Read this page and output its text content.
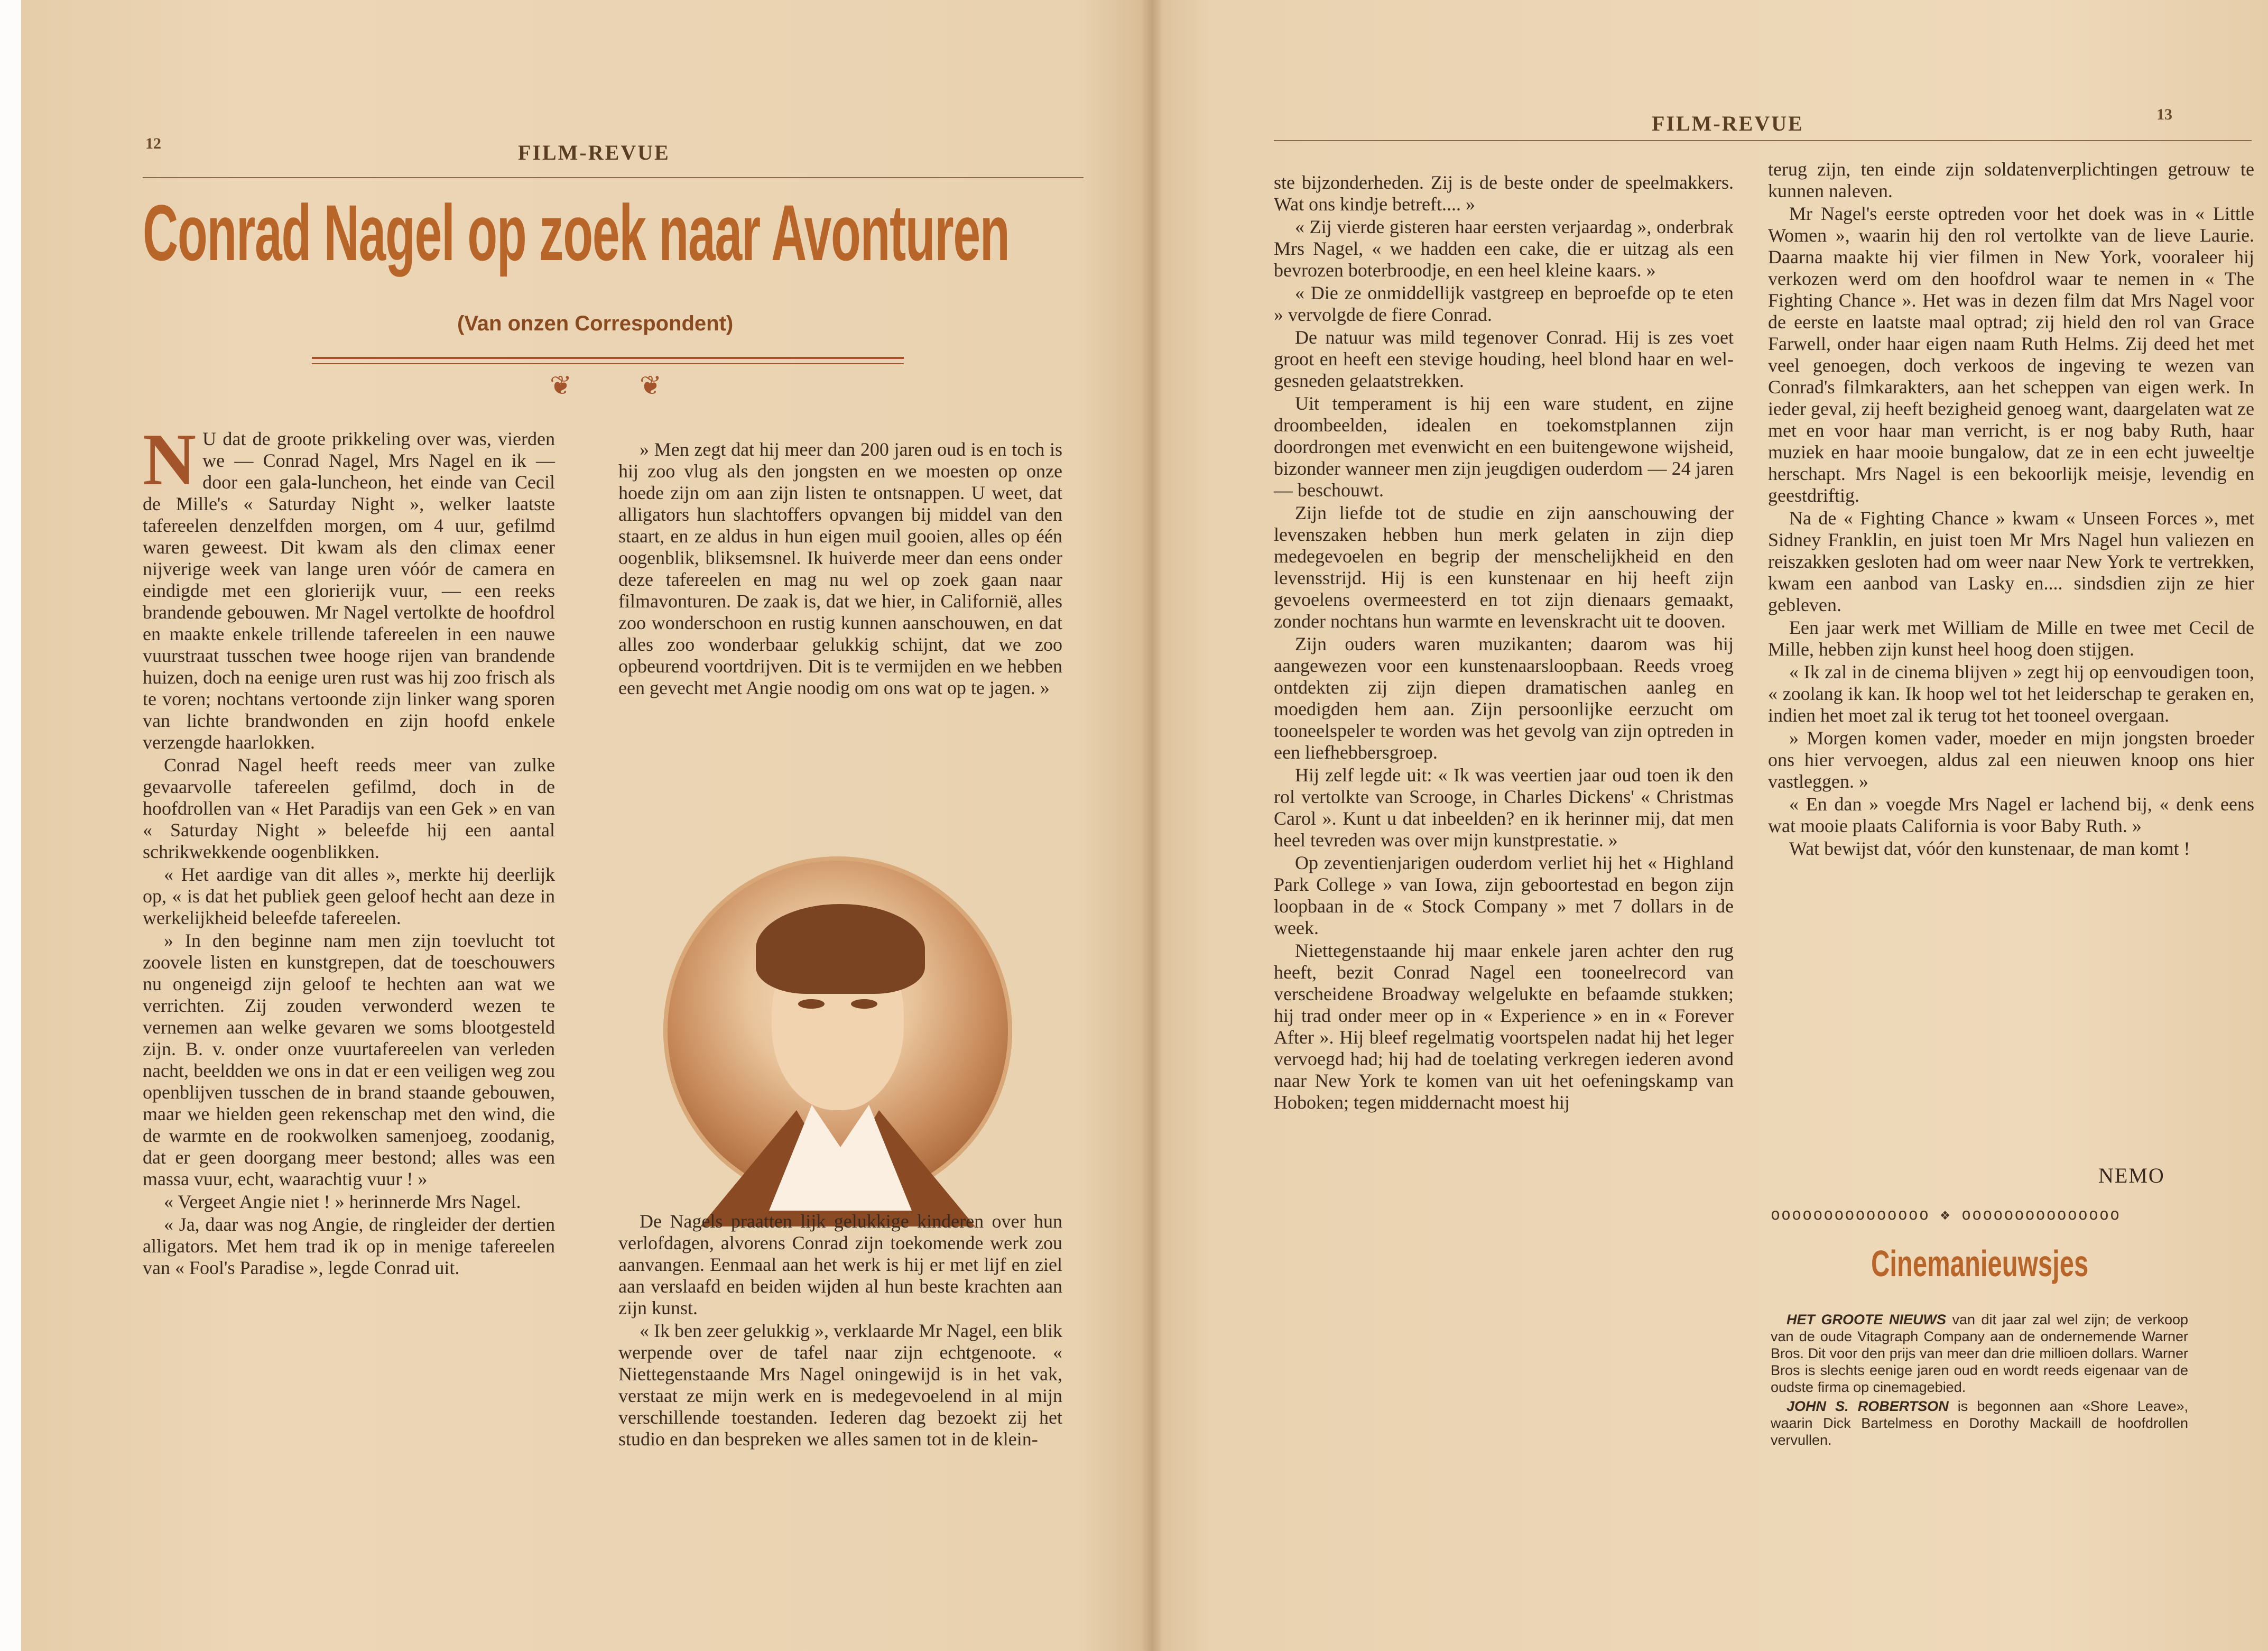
12	FILM-REVUE
Conrad Nagel op zoek naar Avonturen
(Van onzen Correspondent)
❦	❦

N U dat de groote prikkeling over was, vierden we — Conrad Nagel, Mrs Nagel en ik — door een gala-luncheon, het einde van Cecil de Mille's « Saturday Night », welker laatste tafereelen denzelfden morgen, om 4 uur, gefilmd waren geweest. Dit kwam als den climax eener nijverige week van lange uren vóór de camera en eindigde met een glorierijk vuur, — een reeks brandende gebouwen. Mr Nagel vertolkte de hoofdrol en maakte enkele trillende tafereelen in een nauwe vuurstraat tusschen twee hooge rijen van brandende huizen, doch na eenige uren rust was hij zoo frisch als te voren; nochtans vertoonde zijn linker wang sporen van lichte brandwonden en zijn hoofd enkele verzengde haarlokken.

Conrad Nagel heeft reeds meer van zulke gevaarvolle tafereelen gefilmd, doch in de hoofdrollen van « Het Paradijs van een Gek » en van « Saturday Night » beleefde hij een aantal schrikwekkende oogenblikken.

« Het aardige van dit alles », merkte hij deerlijk op, « is dat het publiek geen geloof hecht aan deze in werkelijkheid beleefde tafereelen.

» In den beginne nam men zijn toevlucht tot zoovele listen en kunstgrepen, dat de toeschouwers nu ongeneigd zijn geloof te hechten aan wat we verrichten. Zij zouden verwonderd wezen te vernemen aan welke gevaren we soms blootgesteld zijn. B. v. onder onze vuurtafereelen van verleden nacht, beeldden we ons in dat er een veiligen weg zou openblijven tusschen de in brand staande gebouwen, maar we hielden geen rekenschap met den wind, die de warmte en de rookwolken samenjoeg, zoodanig, dat er geen doorgang meer bestond; alles was een massa vuur, echt, waarachtig vuur ! »

« Vergeet Angie niet ! » herinnerde Mrs Nagel.

« Ja, daar was nog Angie, de ringleider der dertien alligators. Met hem trad ik op in menige tafereelen van « Fool's Paradise », legde Conrad uit.

» Men zegt dat hij meer dan 200 jaren oud is en toch is hij zoo vlug als den jongsten en we moesten op onze hoede zijn om aan zijn listen te ontsnappen. U weet, dat alligators hun slachtoffers opvangen bij middel van den staart, en ze aldus in hun eigen muil gooien, alles op één oogenblik, bliksemsnel. Ik huiverde meer dan eens onder deze tafereelen en mag nu wel op zoek gaan naar filmavonturen. De zaak is, dat we hier, in Californië, alles zoo wonderschoon en rustig kunnen aanschouwen, en dat alles zoo wonderbaar gelukkig schijnt, dat we zoo opbeurend voortdrijven. Dit is te vermijden en we hebben een gevecht met Angie noodig om ons wat op te jagen. »

De Nagels praatten lijk gelukkige kinderen over hun verlofdagen, alvorens Conrad zijn toekomende werk zou aanvangen. Eenmaal aan het werk is hij er met lijf en ziel aan verslaafd en beiden wijden al hun beste krachten aan zijn kunst.

« Ik ben zeer gelukkig », verklaarde Mr Nagel, een blik werpende over de tafel naar zijn echtgenoote. « Niettegenstaande Mrs Nagel oningewijd is in het vak, verstaat ze mijn werk en is medegevoelend in al mijn verschillende toestanden. Iederen dag bezoekt zij het studio en dan bespreken we alles samen tot in de klein-

FILM-REVUE	13

ste bijzonderheden. Zij is de beste onder de speelmakkers. Wat ons kindje betreft.... »

« Zij vierde gisteren haar eersten verjaardag », onderbrak Mrs Nagel, « we hadden een cake, die er uitzag als een bevrozen boterbroodje, en een heel kleine kaars. »

« Die ze onmiddellijk vastgreep en beproefde op te eten » vervolgde de fiere Conrad.

De natuur was mild tegenover Conrad. Hij is zes voet groot en heeft een stevige houding, heel blond haar en wel-gesneden gelaatstrekken.

Uit temperament is hij een ware student, en zijne droombeelden, idealen en toekomstplannen zijn doordrongen met evenwicht en een buitengewone wijsheid, bizonder wanneer men zijn jeugdigen ouderdom — 24 jaren — beschouwt.

Zijn liefde tot de studie en zijn aanschouwing der levenszaken hebben hun merk gelaten in zijn diep medegevoelen en begrip der menschelijkheid en den levensstrijd. Hij is een kunstenaar en hij heeft zijn gevoelens overmeesterd en tot zijn dienaars gemaakt, zonder nochtans hun warmte en levenskracht uit te dooven.

Zijn ouders waren muzikanten; daarom was hij aangewezen voor een kunstenaarsloopbaan. Reeds vroeg ontdekten zij zijn diepen dramatischen aanleg en moedigden hem aan. Zijn persoonlijke eerzucht om tooneelspeler te worden was het gevolg van zijn optreden in een liefhebbersgroep.

Hij zelf legde uit: « Ik was veertien jaar oud toen ik den rol vertolkte van Scrooge, in Charles Dickens' « Christmas Carol ». Kunt u dat inbeelden? en ik herinner mij, dat men heel tevreden was over mijn kunstprestatie. »

Op zeventienjarigen ouderdom verliet hij het « Highland Park College » van Iowa, zijn geboortestad en begon zijn loopbaan in de « Stock Company » met 7 dollars in de week.

Niettegenstaande hij maar enkele jaren achter den rug heeft, bezit Conrad Nagel een tooneelrecord van verscheidene Broadway welgelukte en befaamde stukken; hij trad onder meer op in « Experience » en in « Forever After ». Hij bleef regelmatig voortspelen nadat hij het leger vervoegd had; hij had de toelating verkregen iederen avond naar New York te komen van uit het oefeningskamp van Hoboken; tegen middernacht moest hij

terug zijn, ten einde zijn soldatenverplichtingen getrouw te kunnen naleven.

Mr Nagel's eerste optreden voor het doek was in « Little Women », waarin hij den rol vertolkte van de lieve Laurie. Daarna maakte hij vier filmen in New York, vooraleer hij verkozen werd om den hoofdrol waar te nemen in « The Fighting Chance ». Het was in dezen film dat Mrs Nagel voor de eerste en laatste maal optrad; zij hield den rol van Grace Farwell, onder haar eigen naam Ruth Helms. Zij deed het met veel genoegen, doch verkoos de ingeving te wezen van Conrad's filmkarakters, aan het scheppen van eigen werk. In ieder geval, zij heeft bezigheid genoeg want, daargelaten wat ze met en voor haar man verricht, is er nog baby Ruth, haar muziek en haar mooie bungalow, dat ze in een echt juweeltje herschapt. Mrs Nagel is een bekoorlijk meisje, levendig en geestdriftig.

Na de « Fighting Chance » kwam « Unseen Forces », met Sidney Franklin, en juist toen Mr Mrs Nagel hun valiezen en reiszakken gesloten had om weer naar New York te vertrekken, kwam een aanbod van Lasky en.... sindsdien zijn ze hier gebleven.

Een jaar werk met William de Mille en twee met Cecil de Mille, hebben zijn kunst heel hoog doen stijgen.

« Ik zal in de cinema blijven » zegt hij op eenvoudigen toon, « zoolang ik kan. Ik hoop wel tot het leiderschap te geraken en, indien het moet zal ik terug tot het tooneel overgaan.

» Morgen komen vader, moeder en mijn jongsten broeder ons hier vervoegen, aldus zal een nieuwen knoop ons hier vastleggen. »

« En dan » voegde Mrs Nagel er lachend bij, « denk eens wat mooie plaats California is voor Baby Ruth. »

Wat bewijst dat, vóór den kunstenaar, de man komt !

NEMO
ooooooooooooooo ❖ ooooooooooooooo
Cinemanieuwsjes

HET GROOTE NIEUWS van dit jaar zal wel zijn; de verkoop van de oude Vitagraph Company aan de ondernemende Warner Bros. Dit voor den prijs van meer dan drie millioen dollars. Warner Bros is slechts eenige jaren oud en wordt reeds eigenaar van de oudste firma op cinemagebied.

JOHN S. ROBERTSON is begonnen aan «Shore Leave», waarin Dick Bartelmess en Dorothy Mackaill de hoofdrollen vervullen.
